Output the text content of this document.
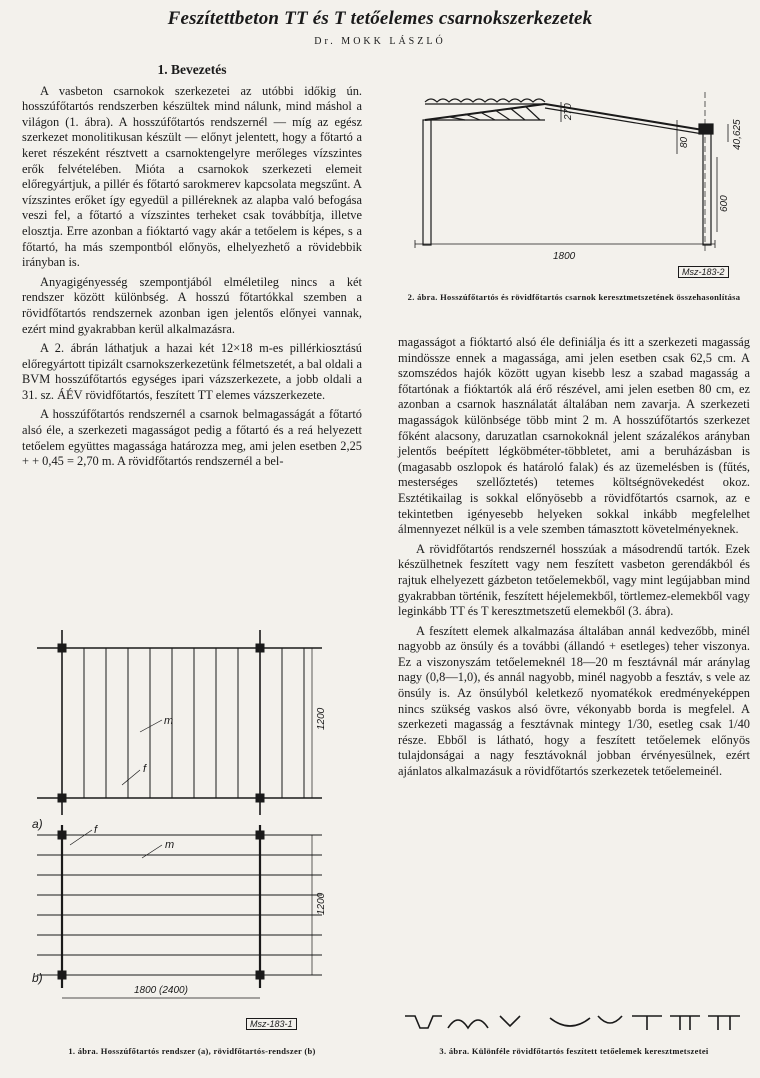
Feszítettbeton TT és T tetőelemes csarnokszerkezetek
Dr. MOKK LÁSZLÓ
1. Bevezetés

A vasbeton csarnokok szerkezetei az utóbbi időkig ún. hosszúfőtartós rendszerben készültek mind nálunk, mind máshol a világon (1. ábra). A hosszúfőtartós rendszernél — míg az egész szerkezet monolitikusan készült — előnyt jelentett, hogy a főtartó a keret részeként résztvett a csarnoktengelyre merőleges vízszintes erők felvételében. Mióta a csarnokok szerkezeti elemeit előregyártjuk, a pillér és főtartó sarokmerev kapcsolata megszűnt. A vízszintes erőket így egyedül a pilléreknek az alapba való befogása veszi fel, a főtartó a vízszintes terheket csak továbbítja, illetve elosztja. Erre azonban a fióktartó vagy akár a tetőelem is képes, s a főtartó, ha más szempontból előnyös, elhelyezhető a rövidebbik irányban is.

Anyagigényesség szempontjából elméletileg nincs a két rendszer között különbség. A hosszú főtartókkal szemben a rövidfőtartós rendszernek azonban igen jelentős előnyei vannak, ezért mind gyakrabban kerül alkalmazásra.

A 2. ábrán láthatjuk a hazai két 12×18 m-es pillérkiosztású előregyártott tipizált csarnokszerkezetünk félmetszetét, a bal oldali a BVM hosszúfőtartós egységes ipari vázszerkezete, a jobb oldali a 31. sz. ÁÉV rövidfőtartós, feszített TT elemes vázszerkezete.

A hosszúfőtartós rendszernél a csarnok belmagasságát a főtartó alsó éle, a szerkezeti magasságot pedig a főtartó és a reá helyezett tetőelem együttes magassága határozza meg, ami jelen esetben 2,25 + + 0,45 = 2,70 m. A rövidfőtartós rendszernél a bel-

270
80	40,625
600
1800
Msz-183-2
2. ábra. Hosszúfőtartós és rövidfőtartós csarnok keresztmetszetének összehasonlítása

magasságot a fióktartó alsó éle definiálja és itt a szerkezeti magasság mindössze ennek a magassága, ami jelen esetben csak 62,5 cm. A szomszédos hajók között ugyan kisebb lesz a szabad magasság a főtartónak a fióktartók alá érő részével, ami jelen esetben 80 cm, ez azonban a csarnok használatát általában nem zavarja. A szerkezeti magasságok különbsége több mint 2 m. A hosszúfőtartós szerkezet főként alacsony, daruzatlan csarnokoknál jelent százalékos arányban jelentős beépített légköbméter-többletet, ami a beruházásban is (magasabb oszlopok és határoló falak) és az üzemelésben is (fűtés, mesterséges szellőztetés) tetemes költségnövekedést okoz. Esztétikailag is sokkal előnyösebb a rövidfőtartós csarnok, az e tekintetben igényesebb helyeken sokkal inkább megfelelhet álmennyezet nélkül is a vele szemben támasztott követelményeknek.

A rövidfőtartós rendszernél hosszúak a másodrendű tartók. Ezek készülhetnek feszített vagy nem feszített vasbeton gerendákból és rajtuk elhelyezett gázbeton tetőelemekből, vagy mint legújabban mind gyakrabban történik, feszített héjelemekből, törtlemez-elemekből vagy leginkább TT és T keresztmetszetű elemekből (3. ábra).

A feszített elemek alkalmazása általában annál kedvezőbb, minél nagyobb az önsúly és a további (állandó + esetleges) teher viszonya. Ez a viszonyszám tetőelemeknél 18—20 m fesztávnál már aránylag nagy (0,8—1,0), és annál nagyobb, minél nagyobb a fesztáv, s vele az önsúly is. Az önsúlyból keletkező nyomatékok eredményeképpen nincs szükség vaskos alsó övre, vékonyabb borda is megfelel. A szerkezeti magasság a fesztávnak mintegy 1/30, esetleg csak 1/40 része. Ebből is látható, hogy a feszített tetőelemek előnyös tulajdonságai a nagy fesztávoknál jobban érvényesülnek, ezért ajánlatos alkalmazásuk a rövidfőtartós szerkezetek tetőelemeinél.

1200
1200
1800 (2400)
m
f
m
f
a)
b)
Msz-183-1
1. ábra. Hosszúfőtartós rendszer (a), rövidfőtartós-rendszer (b)	3. ábra. Különféle rövidfőtartós feszített tetőelemek keresztmetszetei
